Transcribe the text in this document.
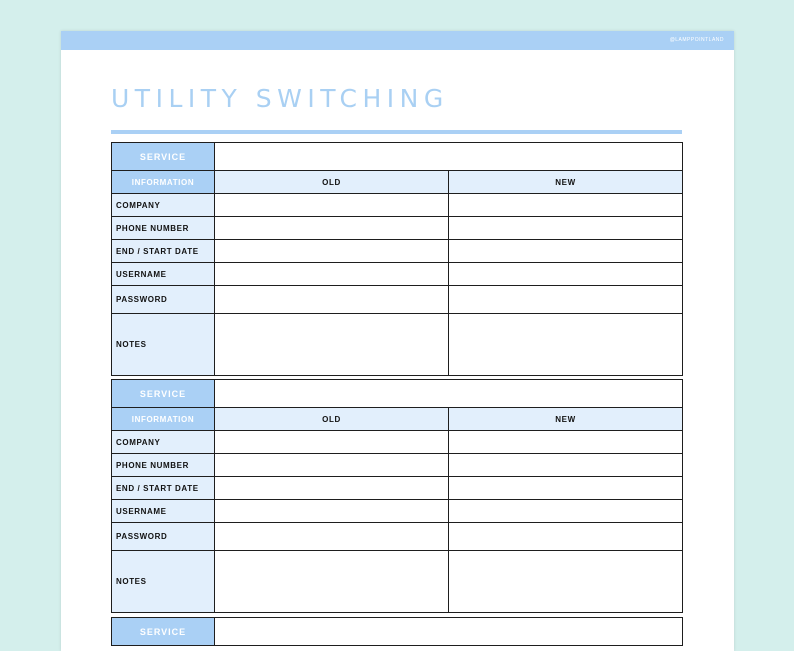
@LAMPPOINTLAND
UTILITY SWITCHING
SERVICE		
INFORMATION	OLD	NEW
COMPANY		
PHONE NUMBER		
END / START DATE		
USERNAME		
PASSWORD		
NOTES		
SERVICE		
INFORMATION	OLD	NEW
COMPANY		
PHONE NUMBER		
END / START DATE		
USERNAME		
PASSWORD		
NOTES		
SERVICE	
